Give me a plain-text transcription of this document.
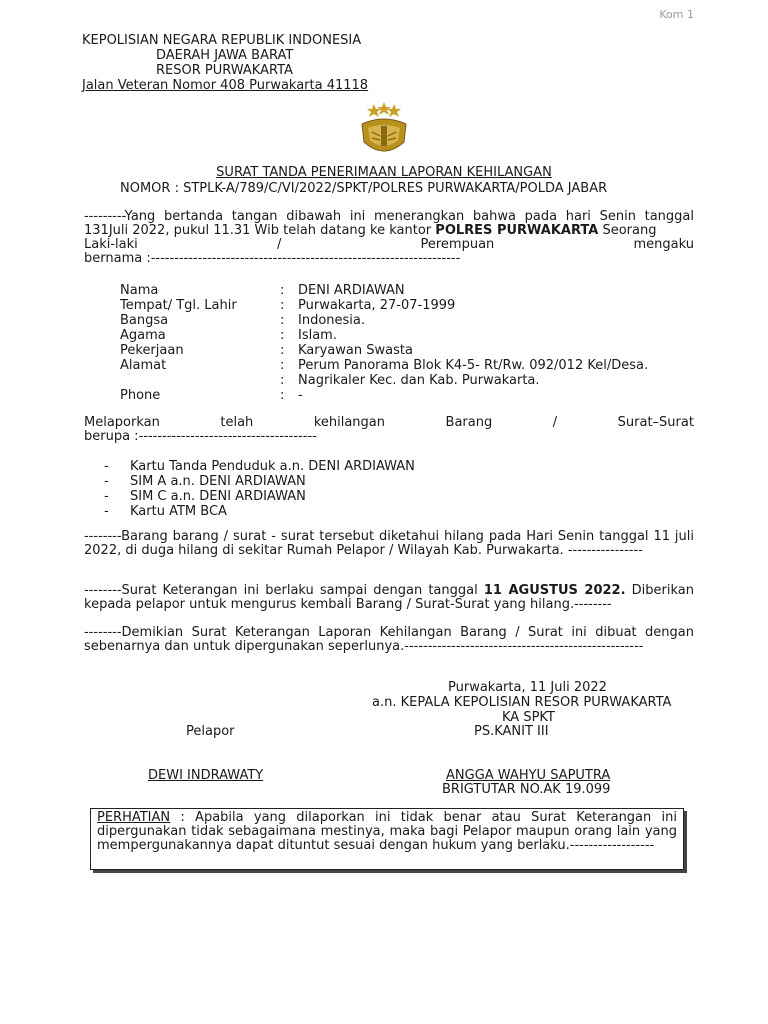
Kom 1
KEPOLISIAN NEGARA REPUBLIK INDONESIA
DAERAH JAWA BARAT
RESOR PURWAKARTA
Jalan Veteran Nomor 408 Purwakarta 41118
SURAT TANDA PENERIMAAN LAPORAN KEHILANGAN
NOMOR : STPLK-A/789/C/VI/2022/SPKT/POLRES PURWAKARTA/POLDA JABAR

---------Yang bertanda tangan dibawah ini menerangkan bahwa pada hari Senin tanggal 131Juli 2022, pukul 11.31 Wib telah datang ke kantor POLRES PURWAKARTA Seorang

Laki-laki	/	Perempuan	mengaku
bernama :------------------------------------------------------------------
Nama	:	DENI ARDIAWAN
Tempat/ Tgl. Lahir	:	Purwakarta, 27-07-1999
Bangsa	:	Indonesia.
Agama	:	Islam.
Pekerjaan	:	Karyawan Swasta
Alamat	:	Perum Panorama Blok K4-5- Rt/Rw. 092/012 Kel/Desa.
:	Nagrikaler Kec. dan Kab. Purwakarta.
Phone	:	-
Melaporkan	telah	kehilangan	Barang	/	Surat–Surat
berupa :--------------------------------------
-	Kartu Tanda Penduduk a.n. DENI ARDIAWAN
-	SIM A a.n. DENI ARDIAWAN
-	SIM C a.n. DENI ARDIAWAN
-	Kartu ATM BCA

--------Barang barang / surat - surat tersebut diketahui hilang pada Hari Senin tanggal 11 juli 2022, di duga hilang di sekitar Rumah Pelapor / Wilayah Kab. Purwakarta. ----------------

--------Surat Keterangan ini berlaku sampai dengan tanggal 11 AGUSTUS 2022. Diberikan kepada pelapor untuk mengurus kembali Barang / Surat-Surat yang hilang.--------

--------Demikian Surat Keterangan Laporan Kehilangan Barang / Surat ini dibuat dengan sebenarnya dan untuk dipergunakan seperlunya.---------------------------------------------------

Purwakarta, 11 Juli 2022
a.n. KEPALA KEPOLISIAN RESOR PURWAKARTA
KA SPKT
Pelapor	PS.KANIT III
DEWI INDRAWATY	ANGGA WAHYU SAPUTRA
BRIGTUTAR NO.AK 19.099

PERHATIAN : Apabila yang dilaporkan ini tidak benar atau Surat Keterangan ini dipergunakan tidak sebagaimana mestinya, maka bagi Pelapor maupun orang lain yang mempergunakannya dapat dituntut sesuai dengan hukum yang berlaku.------------------
